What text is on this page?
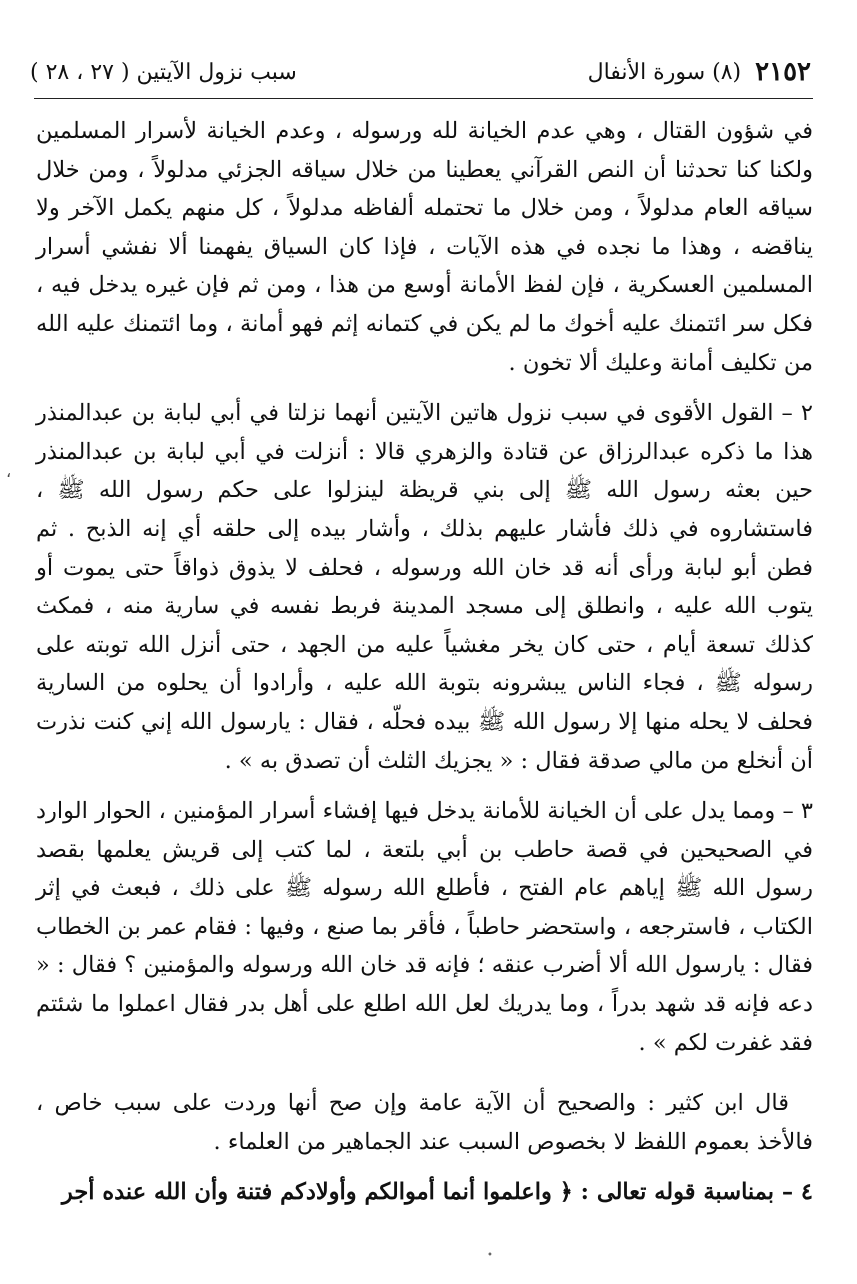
٢١٥٢
(٨) سورة الأنفال
سبب نزول الآيتين ( ٢٧ ، ٢٨ )

في شؤون القتال ، وهي عدم الخيانة لله ورسوله ، وعدم الخيانة لأسرار المسلمين ولكنا كنا تحدثنا أن النص القرآني يعطينا من خلال سياقه الجزئي مدلولاً ، ومن خلال سياقه العام مدلولاً ، ومن خلال ما تحتمله ألفاظه مدلولاً ، كل منهم يكمل الآخر ولا يناقضه ، وهذا ما نجده في هذه الآيات ، فإذا كان السياق يفهمنا ألا نفشي أسرار المسلمين العسكرية ، فإن لفظ الأمانة أوسع من هذا ، ومن ثم فإن غيره يدخل فيه ، فكل سر ائتمنك عليه أخوك ما لم يكن في كتمانه إثم فهو أمانة ، وما ائتمنك عليه الله من تكليف أمانة وعليك ألا تخون .

٢ – القول الأقوى في سبب نزول هاتين الآيتين أنهما نزلتا في أبي لبابة بن عبدالمنذر هذا ما ذكره عبدالرزاق عن قتادة والزهري قالا : أنزلت في أبي لبابة بن عبدالمنذر حين بعثه رسول الله ﷺ إلى بني قريظة لينزلوا على حكم رسول الله ﷺ ، فاستشاروه في ذلك فأشار عليهم بذلك ، وأشار بيده إلى حلقه أي إنه الذبح . ثم فطن أبو لبابة ورأى أنه قد خان الله ورسوله ، فحلف لا يذوق ذواقاً حتى يموت أو يتوب الله عليه ، وانطلق إلى مسجد المدينة فربط نفسه في سارية منه ، فمكث كذلك تسعة أيام ، حتى كان يخر مغشياً عليه من الجهد ، حتى أنزل الله توبته على رسوله ﷺ ، فجاء الناس يبشرونه بتوبة الله عليه ، وأرادوا أن يحلوه من السارية فحلف لا يحله منها إلا رسول الله ﷺ بيده فحلّه ، فقال : يارسول الله إني كنت نذرت أن أنخلع من مالي صدقة فقال : « يجزيك الثلث أن تصدق به » .

٣ – ومما يدل على أن الخيانة للأمانة يدخل فيها إفشاء أسرار المؤمنين ، الحوار الوارد في الصحيحين في قصة حاطب بن أبي بلتعة ، لما كتب إلى قريش يعلمها بقصد رسول الله ﷺ إياهم عام الفتح ، فأطلع الله رسوله ﷺ على ذلك ، فبعث في إثر الكتاب ، فاسترجعه ، واستحضر حاطباً ، فأقر بما صنع ، وفيها : فقام عمر بن الخطاب فقال : يارسول الله ألا أضرب عنقه ؛ فإنه قد خان الله ورسوله والمؤمنين ؟ فقال : « دعه فإنه قد شهد بدراً ، وما يدريك لعل الله اطلع على أهل بدر فقال اعملوا ما شئتم فقد غفرت لكم » .

قال ابن كثير : والصحيح أن الآية عامة وإن صح أنها وردت على سبب خاص ، فالأخذ بعموم اللفظ لا بخصوص السبب عند الجماهير من العلماء .

٤ – بمناسبة قوله تعالى : ﴿ واعلموا أنما أموالكم وأولادكم فتنة وأن الله عنده أجر

،
•
